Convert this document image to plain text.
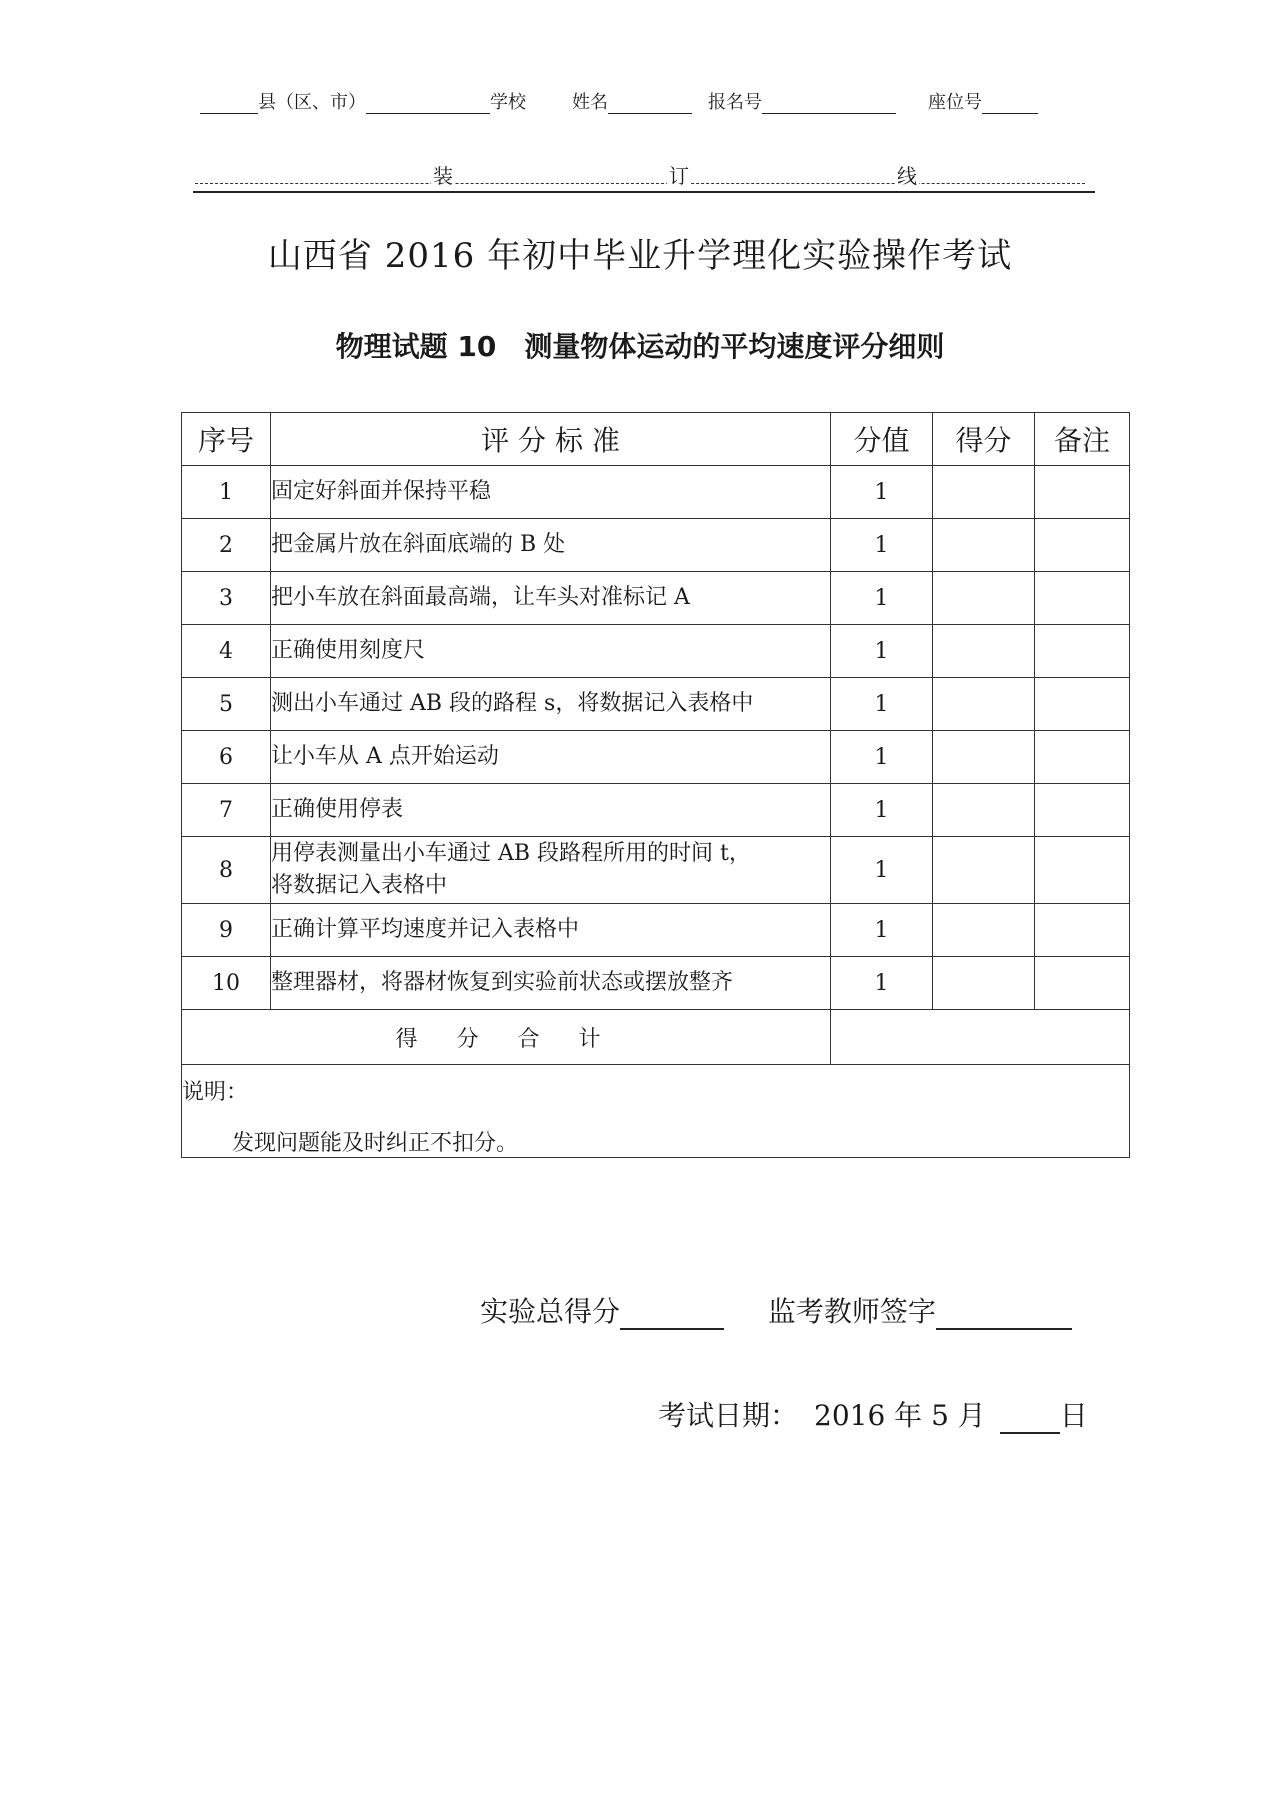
县（区、市）	学校	姓名	报名号	座位号
装	订	线
山西省 2016 年初中毕业升学理化实验操作考试
物理试题 10　测量物体运动的平均速度评分细则
序号	评 分 标 准	分值	得分	备注
1	固定好斜面并保持平稳	1		
2	把金属片放在斜面底端的 B 处	1		
3	把小车放在斜面最高端，让车头对准标记 A	1		
4	正确使用刻度尺	1		
5	测出小车通过 AB 段的路程 s，将数据记入表格中	1		
6	让小车从 A 点开始运动	1		
7	正确使用停表	1		
8	用停表测量出小车通过 AB 段路程所用的时间 t，
将数据记入表格中	1		
9	正确计算平均速度并记入表格中	1		
10	整理器材，将器材恢复到实验前状态或摆放整齐	1		
得 分 合 计				

说明：
发现问题能及时纠正不扣分。				
实验总得分	监考教师签字
考试日期： 2016 年 5 月	日
